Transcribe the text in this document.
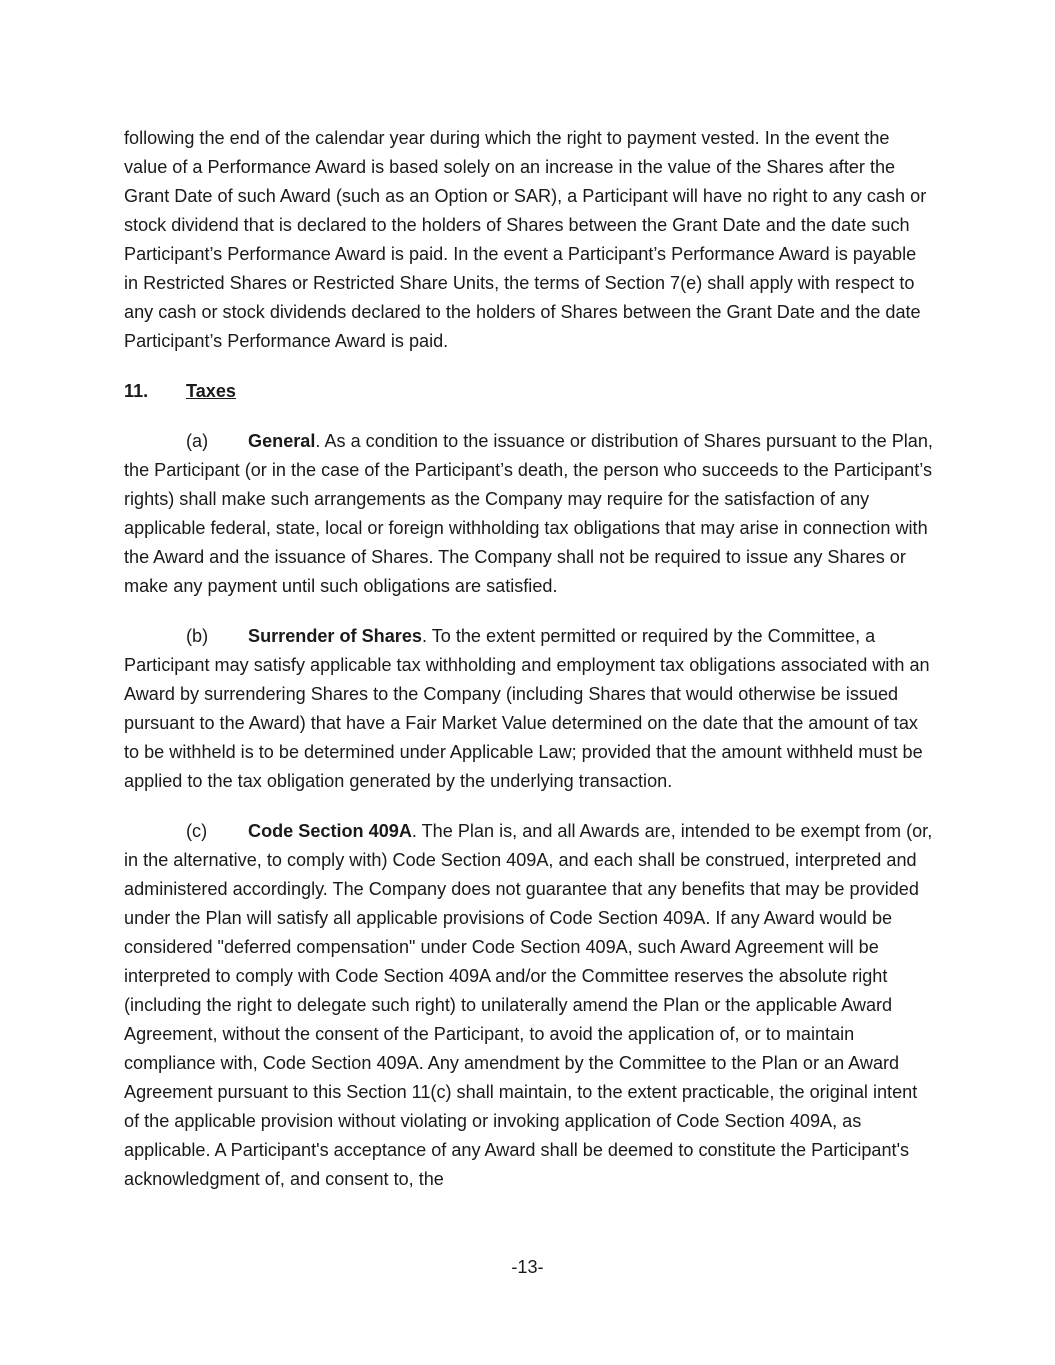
following the end of the calendar year during which the right to payment vested. In the event the value of a Performance Award is based solely on an increase in the value of the Shares after the Grant Date of such Award (such as an Option or SAR), a Participant will have no right to any cash or stock dividend that is declared to the holders of Shares between the Grant Date and the date such Participant’s Performance Award is paid. In the event a Participant’s Performance Award is payable in Restricted Shares or Restricted Share Units, the terms of Section 7(e) shall apply with respect to any cash or stock dividends declared to the holders of Shares between the Grant Date and the date Participant’s Performance Award is paid.

11. Taxes

(a) General. As a condition to the issuance or distribution of Shares pursuant to the Plan, the Participant (or in the case of the Participant’s death, the person who succeeds to the Participant’s rights) shall make such arrangements as the Company may require for the satisfaction of any applicable federal, state, local or foreign withholding tax obligations that may arise in connection with the Award and the issuance of Shares. The Company shall not be required to issue any Shares or make any payment until such obligations are satisfied.

(b) Surrender of Shares. To the extent permitted or required by the Committee, a Participant may satisfy applicable tax withholding and employment tax obligations associated with an Award by surrendering Shares to the Company (including Shares that would otherwise be issued pursuant to the Award) that have a Fair Market Value determined on the date that the amount of tax to be withheld is to be determined under Applicable Law; provided that the amount withheld must be applied to the tax obligation generated by the underlying transaction.

(c) Code Section 409A. The Plan is, and all Awards are, intended to be exempt from (or, in the alternative, to comply with) Code Section 409A, and each shall be construed, interpreted and administered accordingly. The Company does not guarantee that any benefits that may be provided under the Plan will satisfy all applicable provisions of Code Section 409A. If any Award would be considered "deferred compensation" under Code Section 409A, such Award Agreement will be interpreted to comply with Code Section 409A and/or the Committee reserves the absolute right (including the right to delegate such right) to unilaterally amend the Plan or the applicable Award Agreement, without the consent of the Participant, to avoid the application of, or to maintain compliance with, Code Section 409A. Any amendment by the Committee to the Plan or an Award Agreement pursuant to this Section 11(c) shall maintain, to the extent practicable, the original intent of the applicable provision without violating or invoking application of Code Section 409A, as applicable. A Participant's acceptance of any Award shall be deemed to constitute the Participant's acknowledgment of, and consent to, the

-13-
